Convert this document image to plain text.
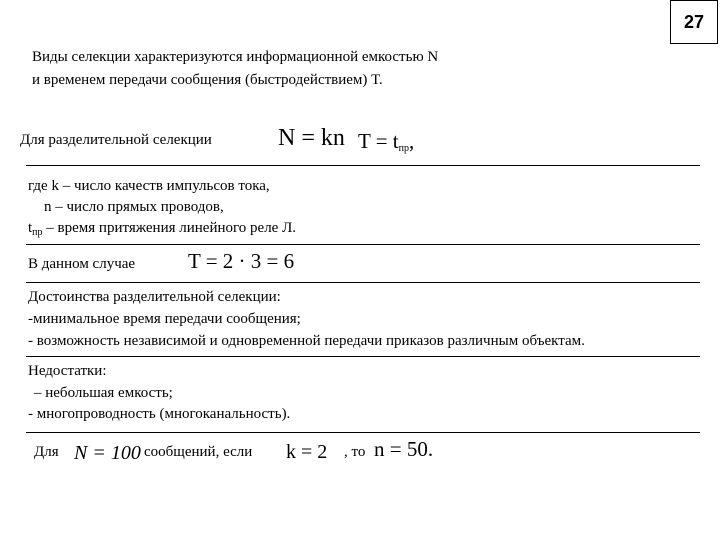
27
Виды селекции характеризуются информационной емкостью N
и временем передачи сообщения (быстродействием) Т.
Для разделительной селекции	N = kn $T = t_{пр}$,
где k – число качеств импульсов тока,
n – число прямых проводов,
$t_{пр}$ – время притяжения линейного реле Л.
В данном случае	T = 2 · 3 = 6
Достоинства разделительной селекции:
-минимальное время передачи сообщения;
- возможность независимой и одновременной передачи приказов различным объектам.
Недостатки:
– небольшая емкость;
- многопроводность (многоканальность).
Для N = 100 сообщений, если k = 2 , то n = 50.
